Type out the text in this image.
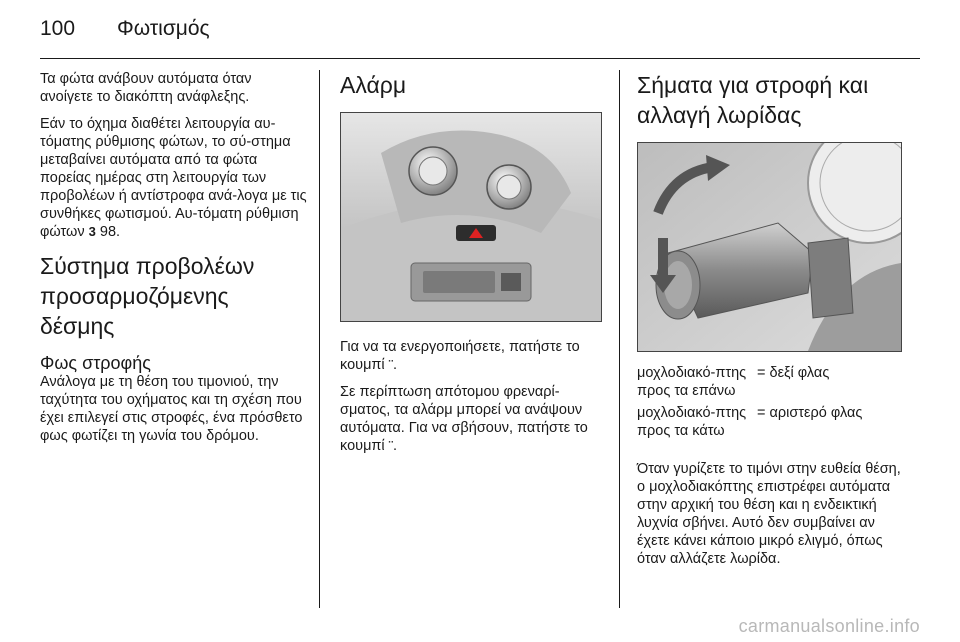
100 Φωτισμός

Τα φώτα ανάβουν αυτόματα όταν ανοίγετε το διακόπτη ανάφλεξης.

Εάν το όχημα διαθέτει λειτουργία αυ-τόματης ρύθμισης φώτων, το σύ-στημα μεταβαίνει αυτόματα από τα φώτα πορείας ημέρας στη λειτουργία των προβολέων ή αντίστροφα ανά-λογα με τις συνθήκες φωτισμού. Αυ-τόματη ρύθμιση φώτων 3 98.

Σύστημα προβολέων προσαρμοζόμενης δέσμης
Φως στροφής

Ανάλογα με τη θέση του τιμονιού, την ταχύτητα του οχήματος και τη σχέση που έχει επιλεγεί στις στροφές, ένα πρόσθετο φως φωτίζει τη γωνία του δρόμου.

Αλάρμ

Για να τα ενεργοποιήσετε, πατήστε το κουμπί ¨.

Σε περίπτωση απότομου φρεναρί-σματος, τα αλάρμ μπορεί να ανάψουν αυτόματα. Για να σβήσουν, πατήστε το κουμπί ¨.

Σήματα για στροφή και αλλαγή λωρίδας
μοχλοδιακό-πτης προς τα επάνω	= δεξί φλας
μοχλοδιακό-πτης προς τα κάτω	= αριστερό φλας

Όταν γυρίζετε το τιμόνι στην ευθεία θέση, ο μοχλοδιακόπτης επιστρέφει αυτόματα στην αρχική του θέση και η ενδεικτική λυχνία σβήνει. Αυτό δεν συμβαίνει αν έχετε κάνει κάποιο μικρό ελιγμό, όπως όταν αλλάζετε λωρίδα.

carmanualsonline.info
